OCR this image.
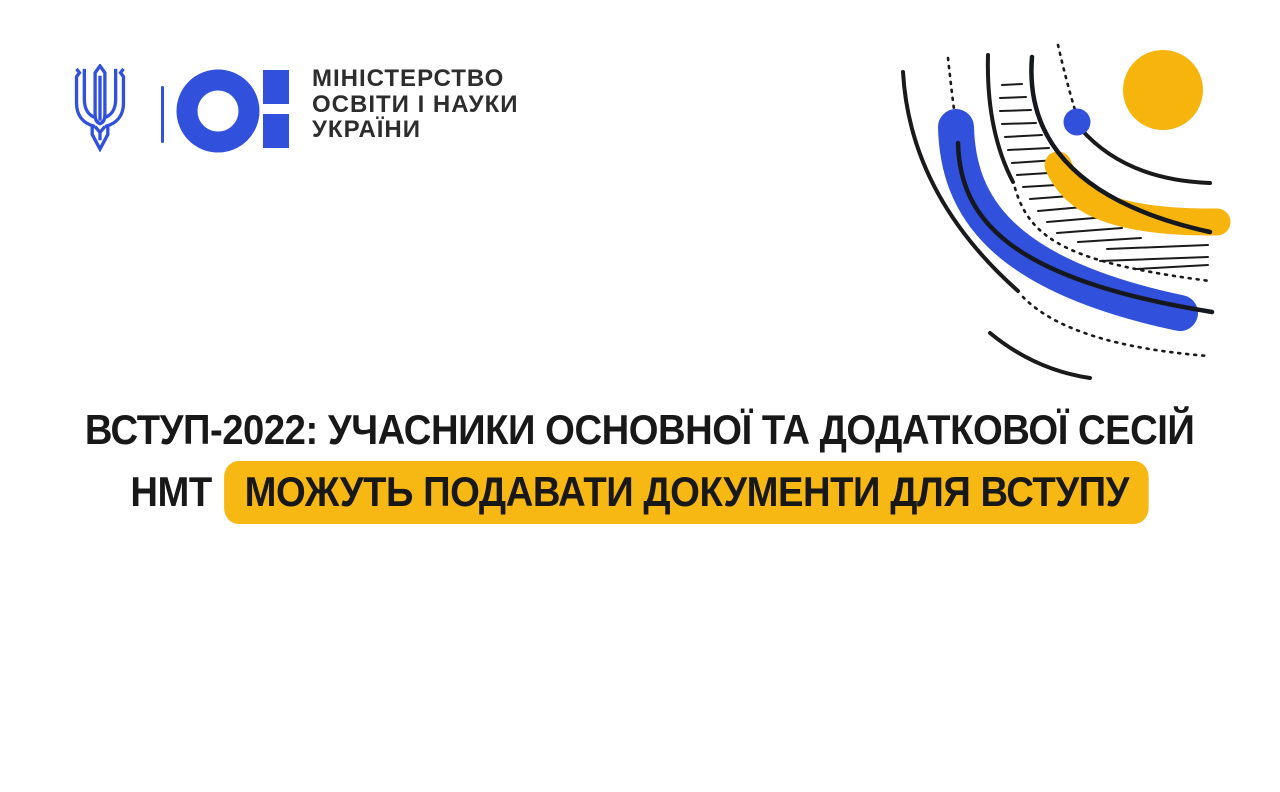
МІНІСТЕРСТВО
ОСВІТИ І НАУКИ
УКРАЇНИ
ВСТУП-2022: УЧАСНИКИ ОСНОВНОЇ ТА ДОДАТКОВОЇ СЕСІЙ
НМТ МОЖУТЬ ПОДАВАТИ ДОКУМЕНТИ ДЛЯ ВСТУПУ
